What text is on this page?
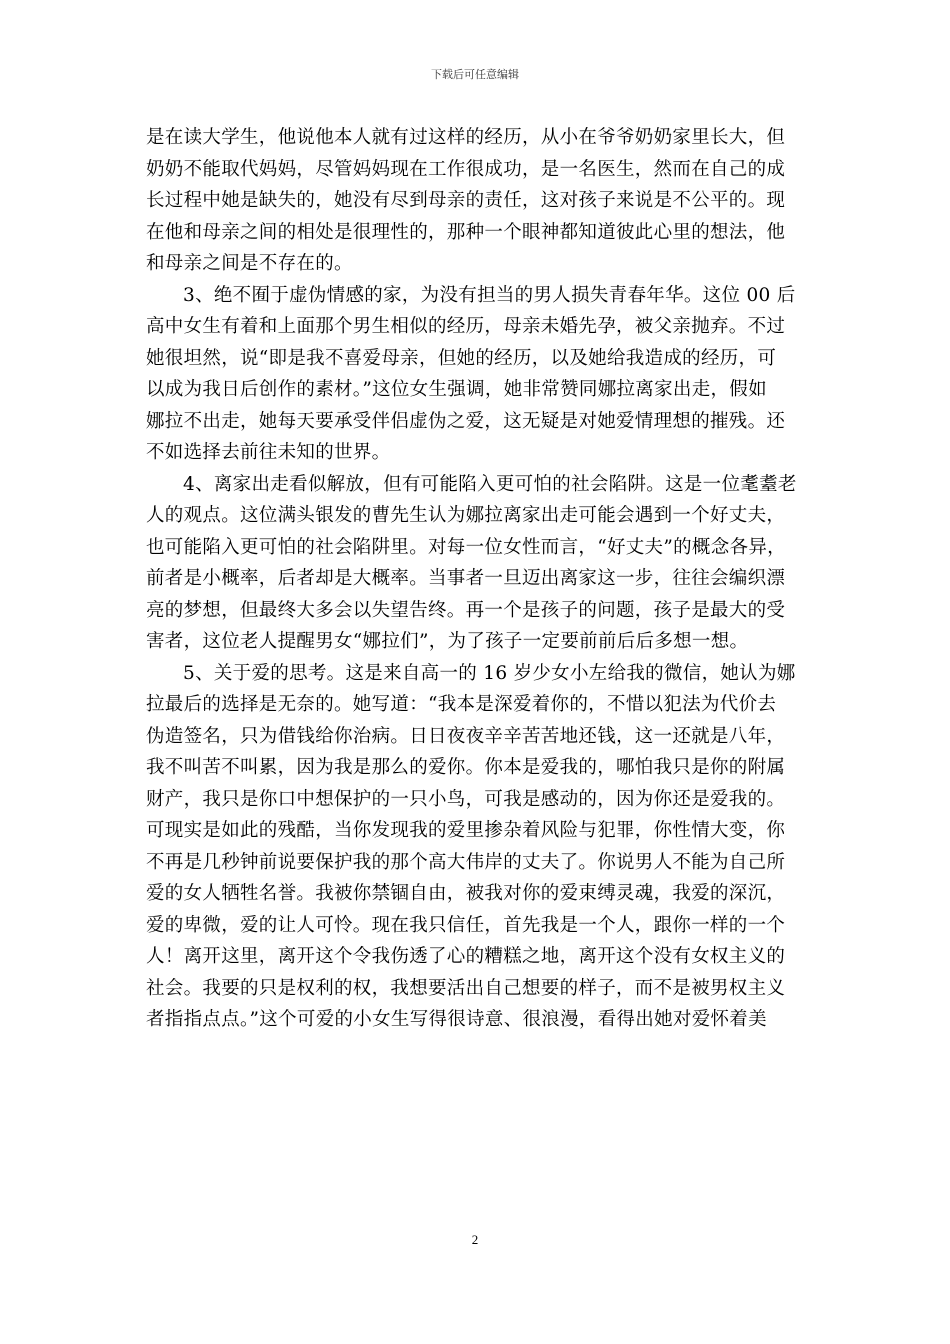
下载后可任意编辑
是在读大学生，他说他本人就有过这样的经历，从小在爷爷奶奶家里长大，但
奶奶不能取代妈妈，尽管妈妈现在工作很成功，是一名医生，然而在自己的成
长过程中她是缺失的，她没有尽到母亲的责任，这对孩子来说是不公平的。现
在他和母亲之间的相处是很理性的，那种一个眼神都知道彼此心里的想法，他
和母亲之间是不存在的。
3、绝不囿于虚伪情感的家，为没有担当的男人损失青春年华。这位 00 后
高中女生有着和上面那个男生相似的经历，母亲未婚先孕，被父亲抛弃。不过
她很坦然，说“即是我不喜爱母亲，但她的经历，以及她给我造成的经历，可
以成为我日后创作的素材。”这位女生强调，她非常赞同娜拉离家出走，假如
娜拉不出走，她每天要承受伴侣虚伪之爱，这无疑是对她爱情理想的摧残。还
不如选择去前往未知的世界。
4、离家出走看似解放，但有可能陷入更可怕的社会陷阱。这是一位耄耋老
人的观点。这位满头银发的曹先生认为娜拉离家出走可能会遇到一个好丈夫，
也可能陷入更可怕的社会陷阱里。对每一位女性而言，“好丈夫”的概念各异，
前者是小概率，后者却是大概率。当事者一旦迈出离家这一步，往往会编织漂
亮的梦想，但最终大多会以失望告终。再一个是孩子的问题，孩子是最大的受
害者，这位老人提醒男女“娜拉们”，为了孩子一定要前前后后多想一想。
5、关于爱的思考。这是来自高一的 16 岁少女小左给我的微信，她认为娜
拉最后的选择是无奈的。她写道：“我本是深爱着你的，不惜以犯法为代价去
伪造签名，只为借钱给你治病。日日夜夜辛辛苦苦地还钱，这一还就是八年，
我不叫苦不叫累，因为我是那么的爱你。你本是爱我的，哪怕我只是你的附属
财产，我只是你口中想保护的一只小鸟，可我是感动的，因为你还是爱我的。
可现实是如此的残酷，当你发现我的爱里掺杂着风险与犯罪，你性情大变，你
不再是几秒钟前说要保护我的那个高大伟岸的丈夫了。你说男人不能为自己所
爱的女人牺牲名誉。我被你禁锢自由，被我对你的爱束缚灵魂，我爱的深沉，
爱的卑微，爱的让人可怜。现在我只信任，首先我是一个人，跟你一样的一个
人！离开这里，离开这个令我伤透了心的糟糕之地，离开这个没有女权主义的
社会。我要的只是权利的权，我想要活出自己想要的样子，而不是被男权主义
者指指点点。”这个可爱的小女生写得很诗意、很浪漫，看得出她对爱怀着美
2
